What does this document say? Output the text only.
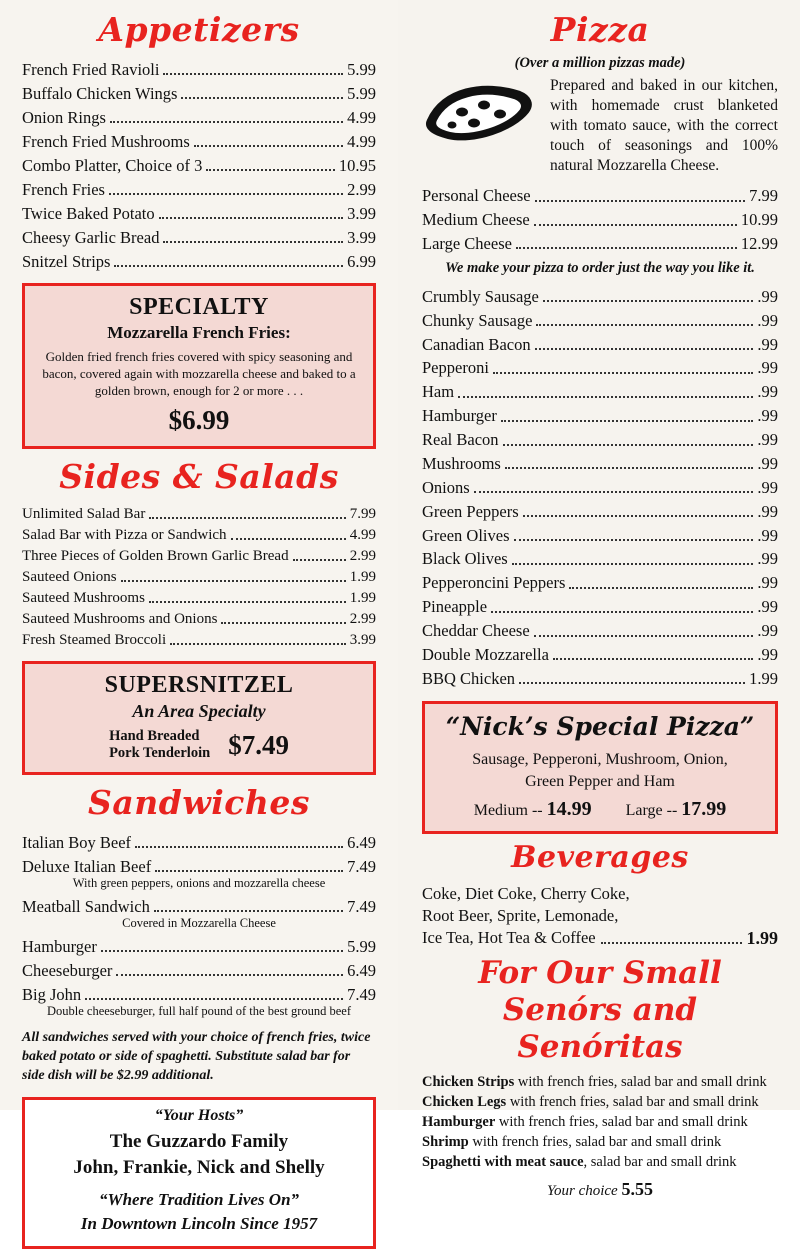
Appetizers
French Fried Ravioli	5.99
Buffalo Chicken Wings	5.99
Onion Rings	4.99
French Fried Mushrooms	4.99
Combo Platter, Choice of 3	10.95
French Fries	2.99
Twice Baked Potato	3.99
Cheesy Garlic Bread	3.99
Snitzel Strips	6.99
SPECIALTY
Mozzarella French Fries:
Golden fried french fries covered with spicy seasoning and bacon, covered again with mozzarella cheese and baked to a golden brown, enough for 2 or more . . .
$6.99
Sides & Salads
Unlimited Salad Bar	7.99
Salad Bar with Pizza or Sandwich	4.99
Three Pieces of Golden Brown Garlic Bread	2.99
Sauteed Onions	1.99
Sauteed Mushrooms	1.99
Sauteed Mushrooms and Onions	2.99
Fresh Steamed Broccoli	3.99
SUPERSNITZEL
An Area Specialty
Hand Breaded
Pork Tenderloin $7.49
Sandwiches
Italian Boy Beef	6.49
Deluxe Italian Beef	7.49
With green peppers, onions and mozzarella cheese
Meatball Sandwich	7.49
Covered in Mozzarella Cheese
Hamburger	5.99
Cheeseburger	6.49
Big John	7.49
Double cheeseburger, full half pound of the best ground beef
All sandwiches served with your choice of french fries, twice baked potato or side of spaghetti. Substitute salad bar for side dish will be $2.99 additional.
“Your Hosts”
The Guzzardo Family
John, Frankie, Nick and Shelly
“Where Tradition Lives On”
In Downtown Lincoln Since 1957
Pizza
(Over a million pizzas made)
Prepared and baked in our kitchen, with homemade crust blanketed with tomato sauce, with the correct touch of seasonings and 100% natural Mozzarella Cheese.
Personal Cheese	7.99
Medium Cheese	10.99
Large Cheese	12.99
We make your pizza to order just the way you like it.
Crumbly Sausage	.99
Chunky Sausage	.99
Canadian Bacon	.99
Pepperoni	.99
Ham	.99
Hamburger	.99
Real Bacon	.99
Mushrooms	.99
Onions	.99
Green Peppers	.99
Green Olives	.99
Black Olives	.99
Pepperoncini Peppers	.99
Pineapple	.99
Cheddar Cheese	.99
Double Mozzarella	.99
BBQ Chicken	1.99
“Nick’s Special Pizza”
Sausage, Pepperoni, Mushroom, Onion,
Green Pepper and Ham
Medium -- 14.99 Large -- 17.99
Beverages
Coke, Diet Coke, Cherry Coke,
Root Beer, Sprite, Lemonade,
Ice Tea, Hot Tea & Coffee	1.99
For Our Small
Senórs and Senóritas
Chicken Strips with french fries, salad bar and small drink
Chicken Legs with french fries, salad bar and small drink
Hamburger with french fries, salad bar and small drink
Shrimp with french fries, salad bar and small drink
Spaghetti with meat sauce, salad bar and small drink
Your choice 5.55
